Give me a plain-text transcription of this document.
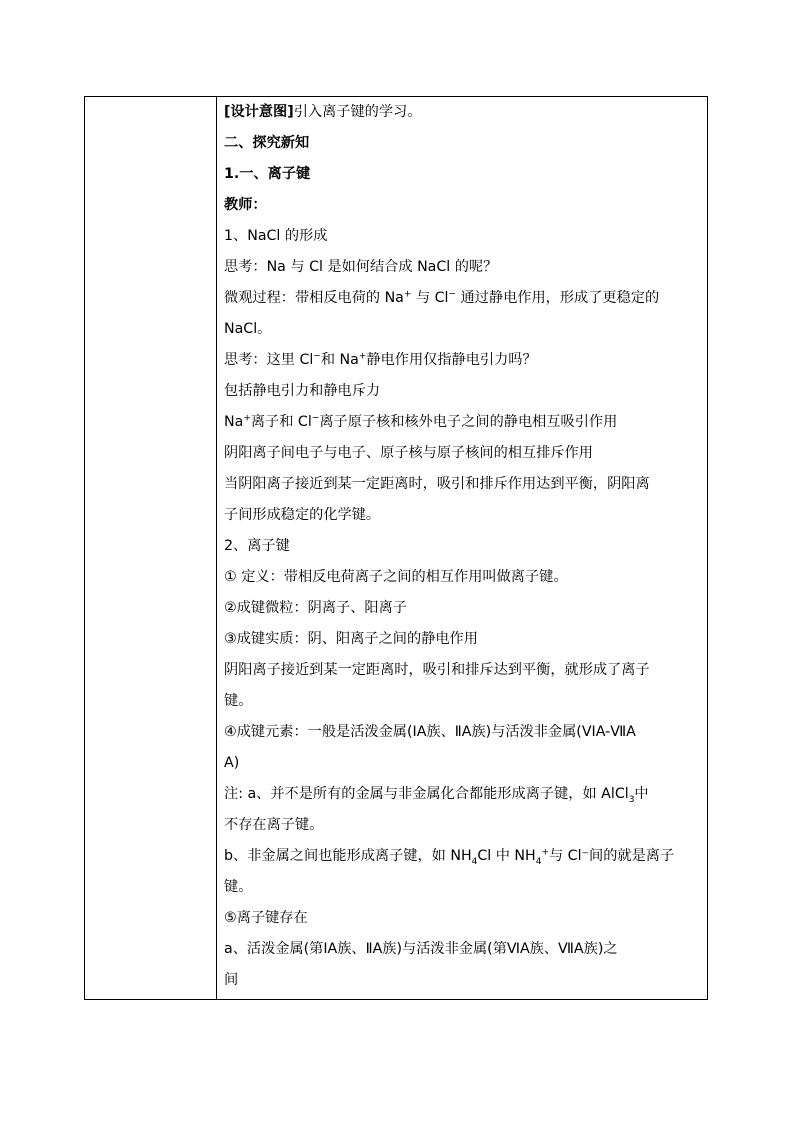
[设计意图]引入离子键的学习。
二、探究新知
1.一、离子键
教师：
1、NaCl 的形成
思考：Na 与 Cl 是如何结合成 NaCl 的呢？
微观过程：带相反电荷的 Na+ 与 Cl− 通过静电作用，形成了更稳定的
NaCl。
思考：这里 Cl−和 Na+静电作用仅指静电引力吗？
包括静电引力和静电斥力
Na+离子和 Cl−离子原子核和核外电子之间的静电相互吸引作用
阴阳离子间电子与电子、原子核与原子核间的相互排斥作用
当阴阳离子接近到某一定距离时，吸引和排斥作用达到平衡，阴阳离
子间形成稳定的化学键。
2、离子键
① 定义：带相反电荷离子之间的相互作用叫做离子键。
②成键微粒：阴离子、阳离子
③成键实质：阴、阳离子之间的静电作用
阴阳离子接近到某一定距离时，吸引和排斥达到平衡，就形成了离子
键。
④成键元素：一般是活泼金属(ⅠA族、ⅡA族)与活泼非金属(VIA-ⅦA
A)
注: a、并不是所有的金属与非金属化合都能形成离子键，如 AlCl$_3$中
不存在离子键。
b、非金属之间也能形成离子键，如 $NH_4Cl$ 中 $NH_4^+$与 Cl⁻间的就是离子
键。
⑤离子键存在
a、活泼金属(第ⅠA族、ⅡA族)与活泼非金属(第ⅥA族、ⅦA族)之
间
